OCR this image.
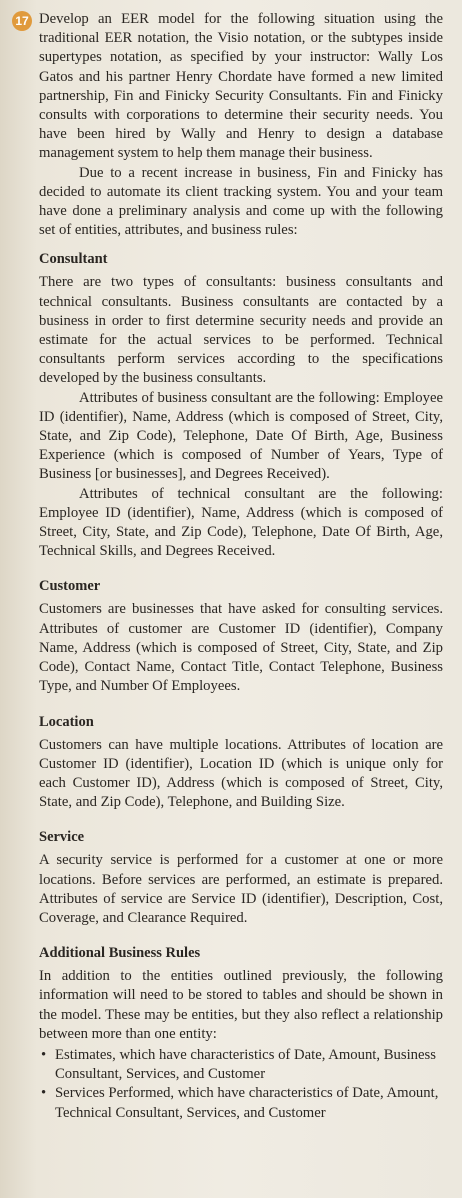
17 Develop an EER model for the following situation using the traditional EER notation, the Visio notation, or the subtypes inside supertypes notation, as specified by your instructor: Wally Los Gatos and his partner Henry Chordate have formed a new limited partnership, Fin and Finicky Security Consultants. Fin and Finicky consults with corporations to determine their security needs. You have been hired by Wally and Henry to design a database management system to help them manage their business.

Due to a recent increase in business, Fin and Finicky has decided to automate its client tracking system. You and your team have done a preliminary analysis and come up with the following set of entities, attributes, and business rules:

Consultant

There are two types of consultants: business consultants and technical consultants. Business consultants are contacted by a business in order to first determine security needs and provide an estimate for the actual services to be performed. Technical consultants perform services according to the specifications developed by the business consultants.

Attributes of business consultant are the following: Employee ID (identifier), Name, Address (which is composed of Street, City, State, and Zip Code), Telephone, Date Of Birth, Age, Business Experience (which is composed of Number of Years, Type of Business [or businesses], and Degrees Received).

Attributes of technical consultant are the following: Employee ID (identifier), Name, Address (which is composed of Street, City, State, and Zip Code), Telephone, Date Of Birth, Age, Technical Skills, and Degrees Received.

Customer

Customers are businesses that have asked for consulting services. Attributes of customer are Customer ID (identifier), Company Name, Address (which is composed of Street, City, State, and Zip Code), Contact Name, Contact Title, Contact Telephone, Business Type, and Number Of Employees.

Location

Customers can have multiple locations. Attributes of location are Customer ID (identifier), Location ID (which is unique only for each Customer ID), Address (which is composed of Street, City, State, and Zip Code), Telephone, and Building Size.

Service

A security service is performed for a customer at one or more locations. Before services are performed, an estimate is prepared. Attributes of service are Service ID (identifier), Description, Cost, Coverage, and Clearance Required.

Additional Business Rules

In addition to the entities outlined previously, the following information will need to be stored to tables and should be shown in the model. These may be entities, but they also reflect a relationship between more than one entity:

• Estimates, which have characteristics of Date, Amount, Business Consultant, Services, and Customer
• Services Performed, which have characteristics of Date, Amount, Technical Consultant, Services, and Customer
